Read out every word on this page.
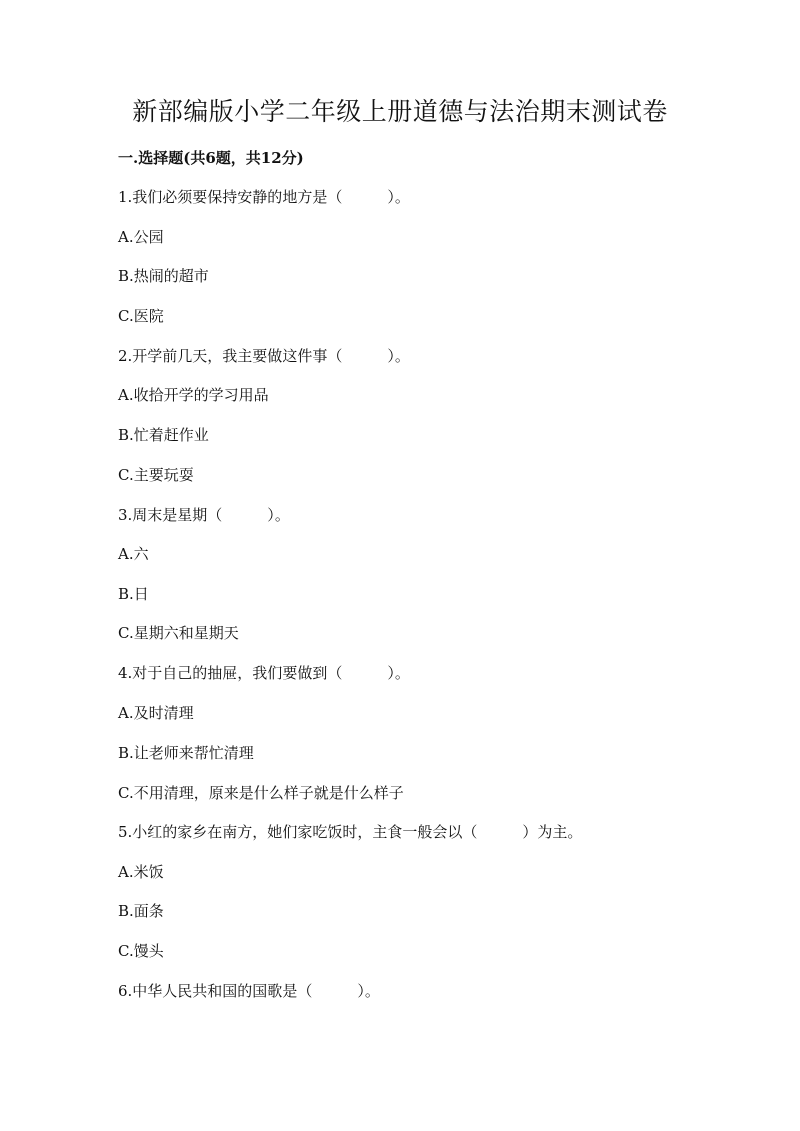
新部编版小学二年级上册道德与法治期末测试卷
一.选择题(共6题，共12分)
1.我们必须要保持安静的地方是（　　　）。
A.公园
B.热闹的超市
C.医院
2.开学前几天，我主要做这件事（　　　）。
A.收拾开学的学习用品
B.忙着赶作业
C.主要玩耍
3.周末是星期（　　　）。
A.六
B.日
C.星期六和星期天
4.对于自己的抽屉，我们要做到（　　　）。
A.及时清理
B.让老师来帮忙清理
C.不用清理，原来是什么样子就是什么样子
5.小红的家乡在南方，她们家吃饭时，主食一般会以（　　　）为主。
A.米饭
B.面条
C.馒头
6.中华人民共和国的国歌是（　　　）。
